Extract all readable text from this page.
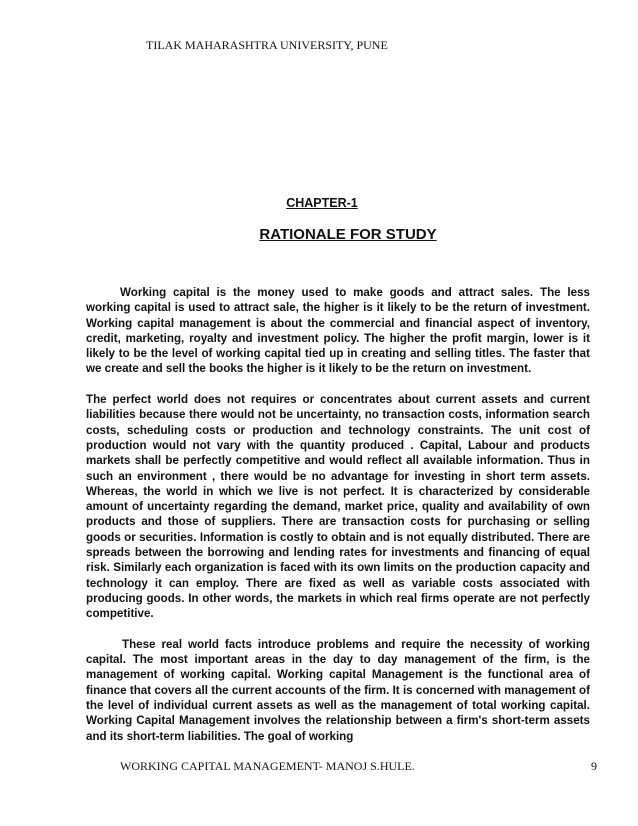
TILAK MAHARASHTRA UNIVERSITY, PUNE
CHAPTER-1
RATIONALE FOR STUDY

Working capital is the money used to make goods and attract sales. The less working capital is used to attract sale, the higher is it likely to be the return of investment. Working capital management is about the commercial and financial aspect of inventory, credit, marketing, royalty and investment policy. The higher the profit margin, lower is it likely to be the level of working capital tied up in creating and selling titles. The faster that we create and sell the books the higher is it likely to be the return on investment.

The perfect world does not requires or concentrates about current assets and current liabilities because there would not be uncertainty, no transaction costs, information search costs, scheduling costs or production and technology constraints. The unit cost of production would not vary with the quantity produced . Capital, Labour and products markets shall be perfectly competitive and would reflect all available information. Thus in such an environment , there would be no advantage for investing in short term assets. Whereas, the world in which we live is not perfect. It is characterized by considerable amount of uncertainty regarding the demand, market price, quality and availability of own products and those of suppliers. There are transaction costs for purchasing or selling goods or securities. Information is costly to obtain and is not equally distributed. There are spreads between the borrowing and lending rates for investments and financing of equal risk. Similarly each organization is faced with its own limits on the production capacity and technology it can employ. There are fixed as well as variable costs associated with producing goods. In other words, the markets in which real firms operate are not perfectly competitive.

These real world facts introduce problems and require the necessity of working capital. The most important areas in the day to day management of the firm, is the management of working capital. Working capital Management is the functional area of finance that covers all the current accounts of the firm. It is concerned with management of the level of individual current assets as well as the management of total working capital. Working Capital Management involves the relationship between a firm's short-term assets and its short-term liabilities. The goal of working

WORKING CAPITAL MANAGEMENT- MANOJ S.HULE.	9
